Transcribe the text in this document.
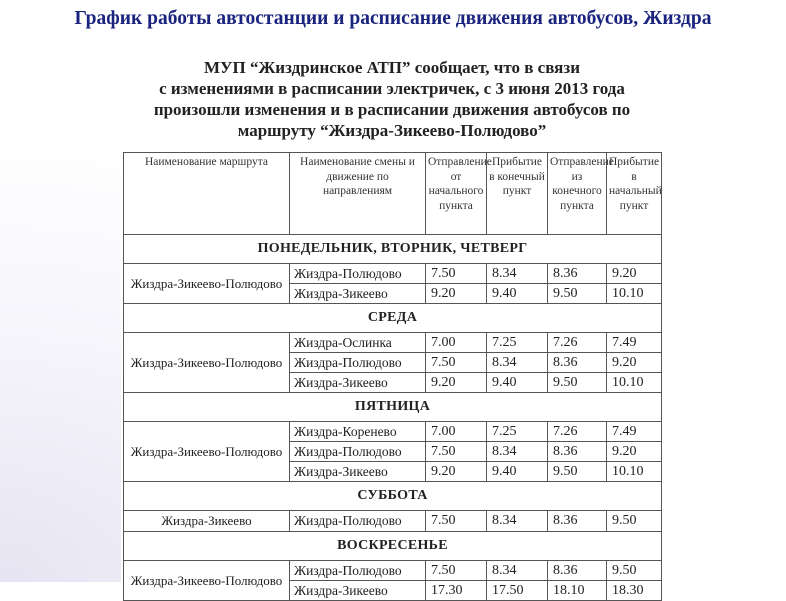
График работы автостанции и расписание движения автобусов, Жиздра
МУП “Жиздринское АТП” сообщает, что в связи
с изменениями в расписании электричек, с 3 июня 2013 года
произошли изменения и в расписании движения автобусов по
маршруту “Жиздра-Зикеево-Полюдово”
Наименование маршрута	Наименование смены и движение по направлениям	Отправление от начального пункта	Прибытие в конечный пункт	Отправление из конечного пункта	Прибытие в начальный пункт
ПОНЕДЕЛЬНИК, ВТОРНИК, ЧЕТВЕРГ					
Жиздра-Зикеево-Полюдово	Жиздра-Полюдово	7.50	8.34	8.36	9.20
	Жиздра-Зикеево	9.20	9.40	9.50	10.10
СРЕДА					
Жиздра-Зикеево-Полюдово	Жиздра-Ослинка	7.00	7.25	7.26	7.49
	Жиздра-Полюдово	7.50	8.34	8.36	9.20
	Жиздра-Зикеево	9.20	9.40	9.50	10.10
ПЯТНИЦА					
Жиздра-Зикеево-Полюдово	Жиздра-Коренево	7.00	7.25	7.26	7.49
	Жиздра-Полюдово	7.50	8.34	8.36	9.20
	Жиздра-Зикеево	9.20	9.40	9.50	10.10
СУББОТА					
Жиздра-Зикеево	Жиздра-Полюдово	7.50	8.34	8.36	9.50
ВОСКРЕСЕНЬЕ					
Жиздра-Зикеево-Полюдово	Жиздра-Полюдово	7.50	8.34	8.36	9.50
	Жиздра-Зикеево	17.30	17.50	18.10	18.30
